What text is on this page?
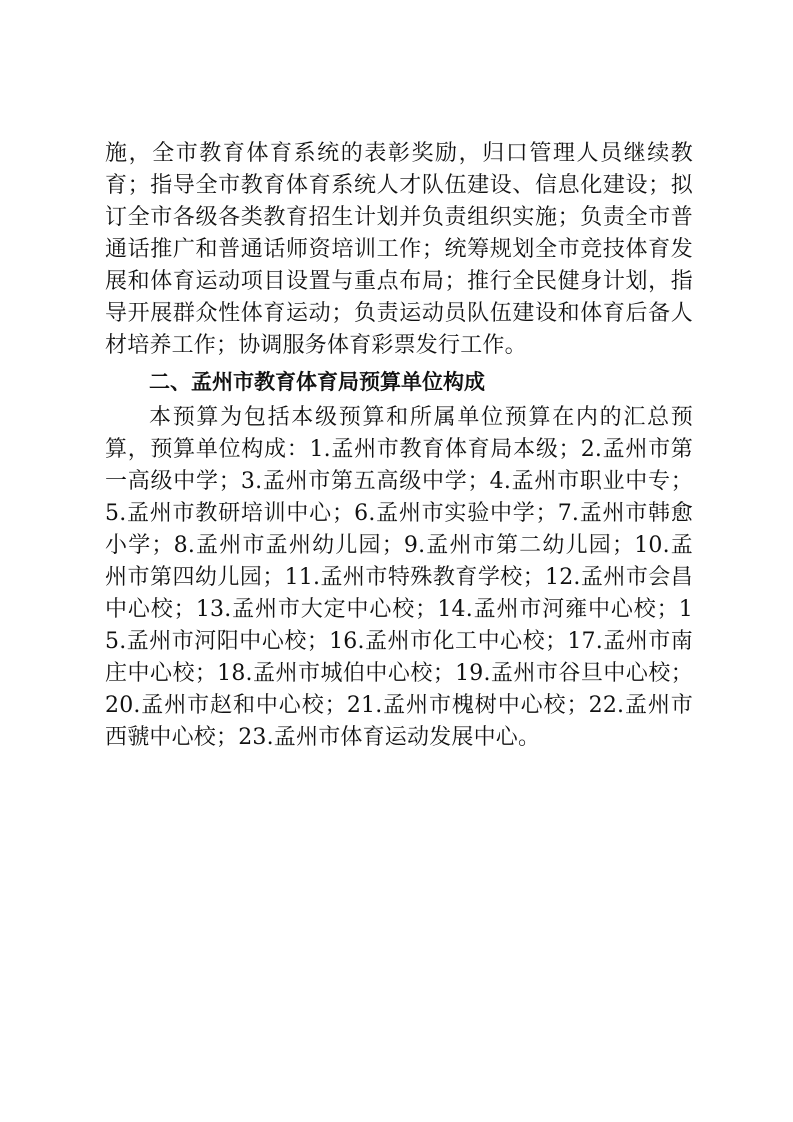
施，全市教育体育系统的表彰奖励，归口管理人员继续教育；指导全市教育体育系统人才队伍建设、信息化建设；拟订全市各级各类教育招生计划并负责组织实施；负责全市普通话推广和普通话师资培训工作；统筹规划全市竞技体育发展和体育运动项目设置与重点布局；推行全民健身计划，指导开展群众性体育运动；负责运动员队伍建设和体育后备人材培养工作；协调服务体育彩票发行工作。

二、孟州市教育体育局预算单位构成

本预算为包括本级预算和所属单位预算在内的汇总预算，预算单位构成：1.孟州市教育体育局本级；2.孟州市第一高级中学；3.孟州市第五高级中学；4.孟州市职业中专；5.孟州市教研培训中心；6.孟州市实验中学；7.孟州市韩愈小学；8.孟州市孟州幼儿园；9.孟州市第二幼儿园；10.孟州市第四幼儿园；11.孟州市特殊教育学校；12.孟州市会昌中心校；13.孟州市大定中心校；14.孟州市河雍中心校；15.孟州市河阳中心校；16.孟州市化工中心校；17.孟州市南庄中心校；18.孟州市城伯中心校；19.孟州市谷旦中心校；20.孟州市赵和中心校；21.孟州市槐树中心校；22.孟州市西虢中心校；23.孟州市体育运动发展中心。
